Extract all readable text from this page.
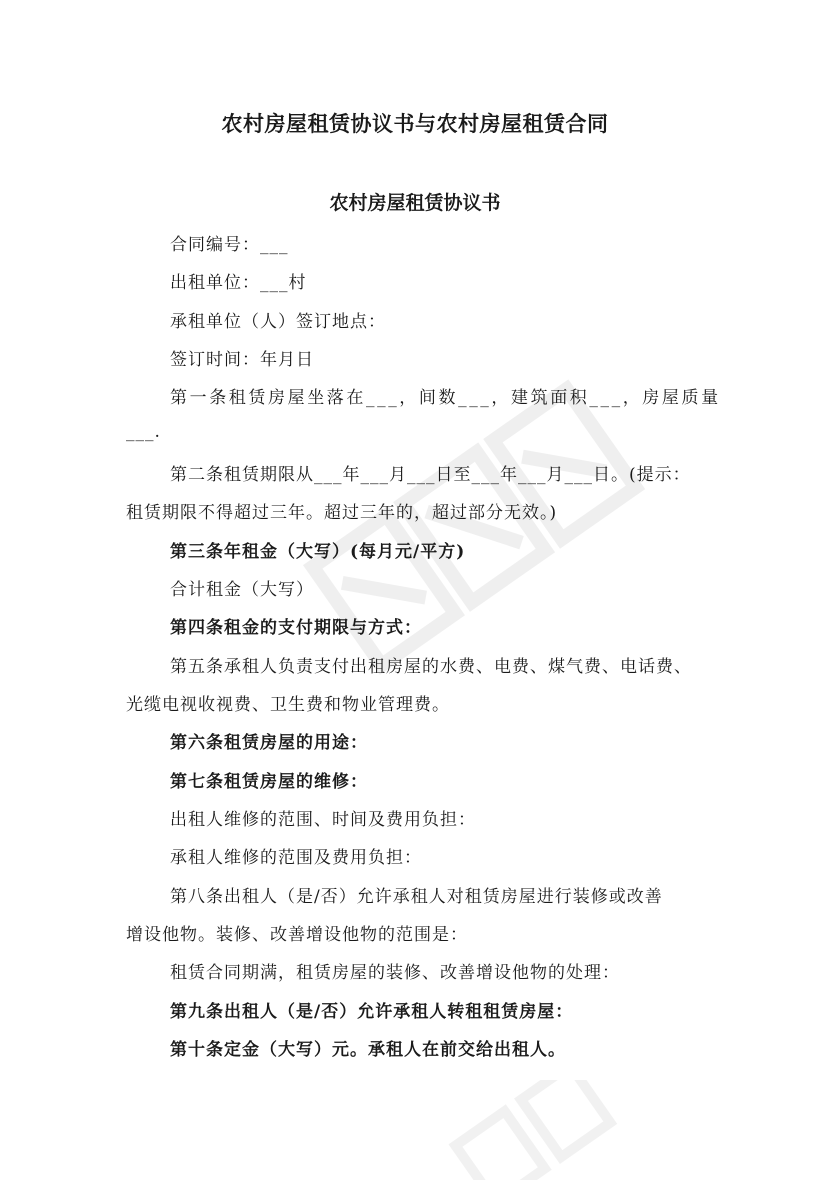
农村房屋租赁协议书与农村房屋租赁合同
农村房屋租赁协议书
合同编号：___
出租单位：___村
承租单位（人）签订地点：
签订时间：年月日
第一条租赁房屋坐落在___，间数___，建筑面积___，房屋质量
___.
第二条租赁期限从___年___月___日至___年___月___日。(提示：
租赁期限不得超过三年。超过三年的，超过部分无效。)
第三条年租金（大写）(每月元/平方)
合计租金（大写）
第四条租金的支付期限与方式：
第五条承租人负责支付出租房屋的水费、电费、煤气费、电话费、
光缆电视收视费、卫生费和物业管理费。
第六条租赁房屋的用途：
第七条租赁房屋的维修：
出租人维修的范围、时间及费用负担：
承租人维修的范围及费用负担：
第八条出租人（是/否）允许承租人对租赁房屋进行装修或改善
增设他物。装修、改善增设他物的范围是：
租赁合同期满，租赁房屋的装修、改善增设他物的处理：
第九条出租人（是/否）允许承租人转租租赁房屋：
第十条定金（大写）元。承租人在前交给出租人。
